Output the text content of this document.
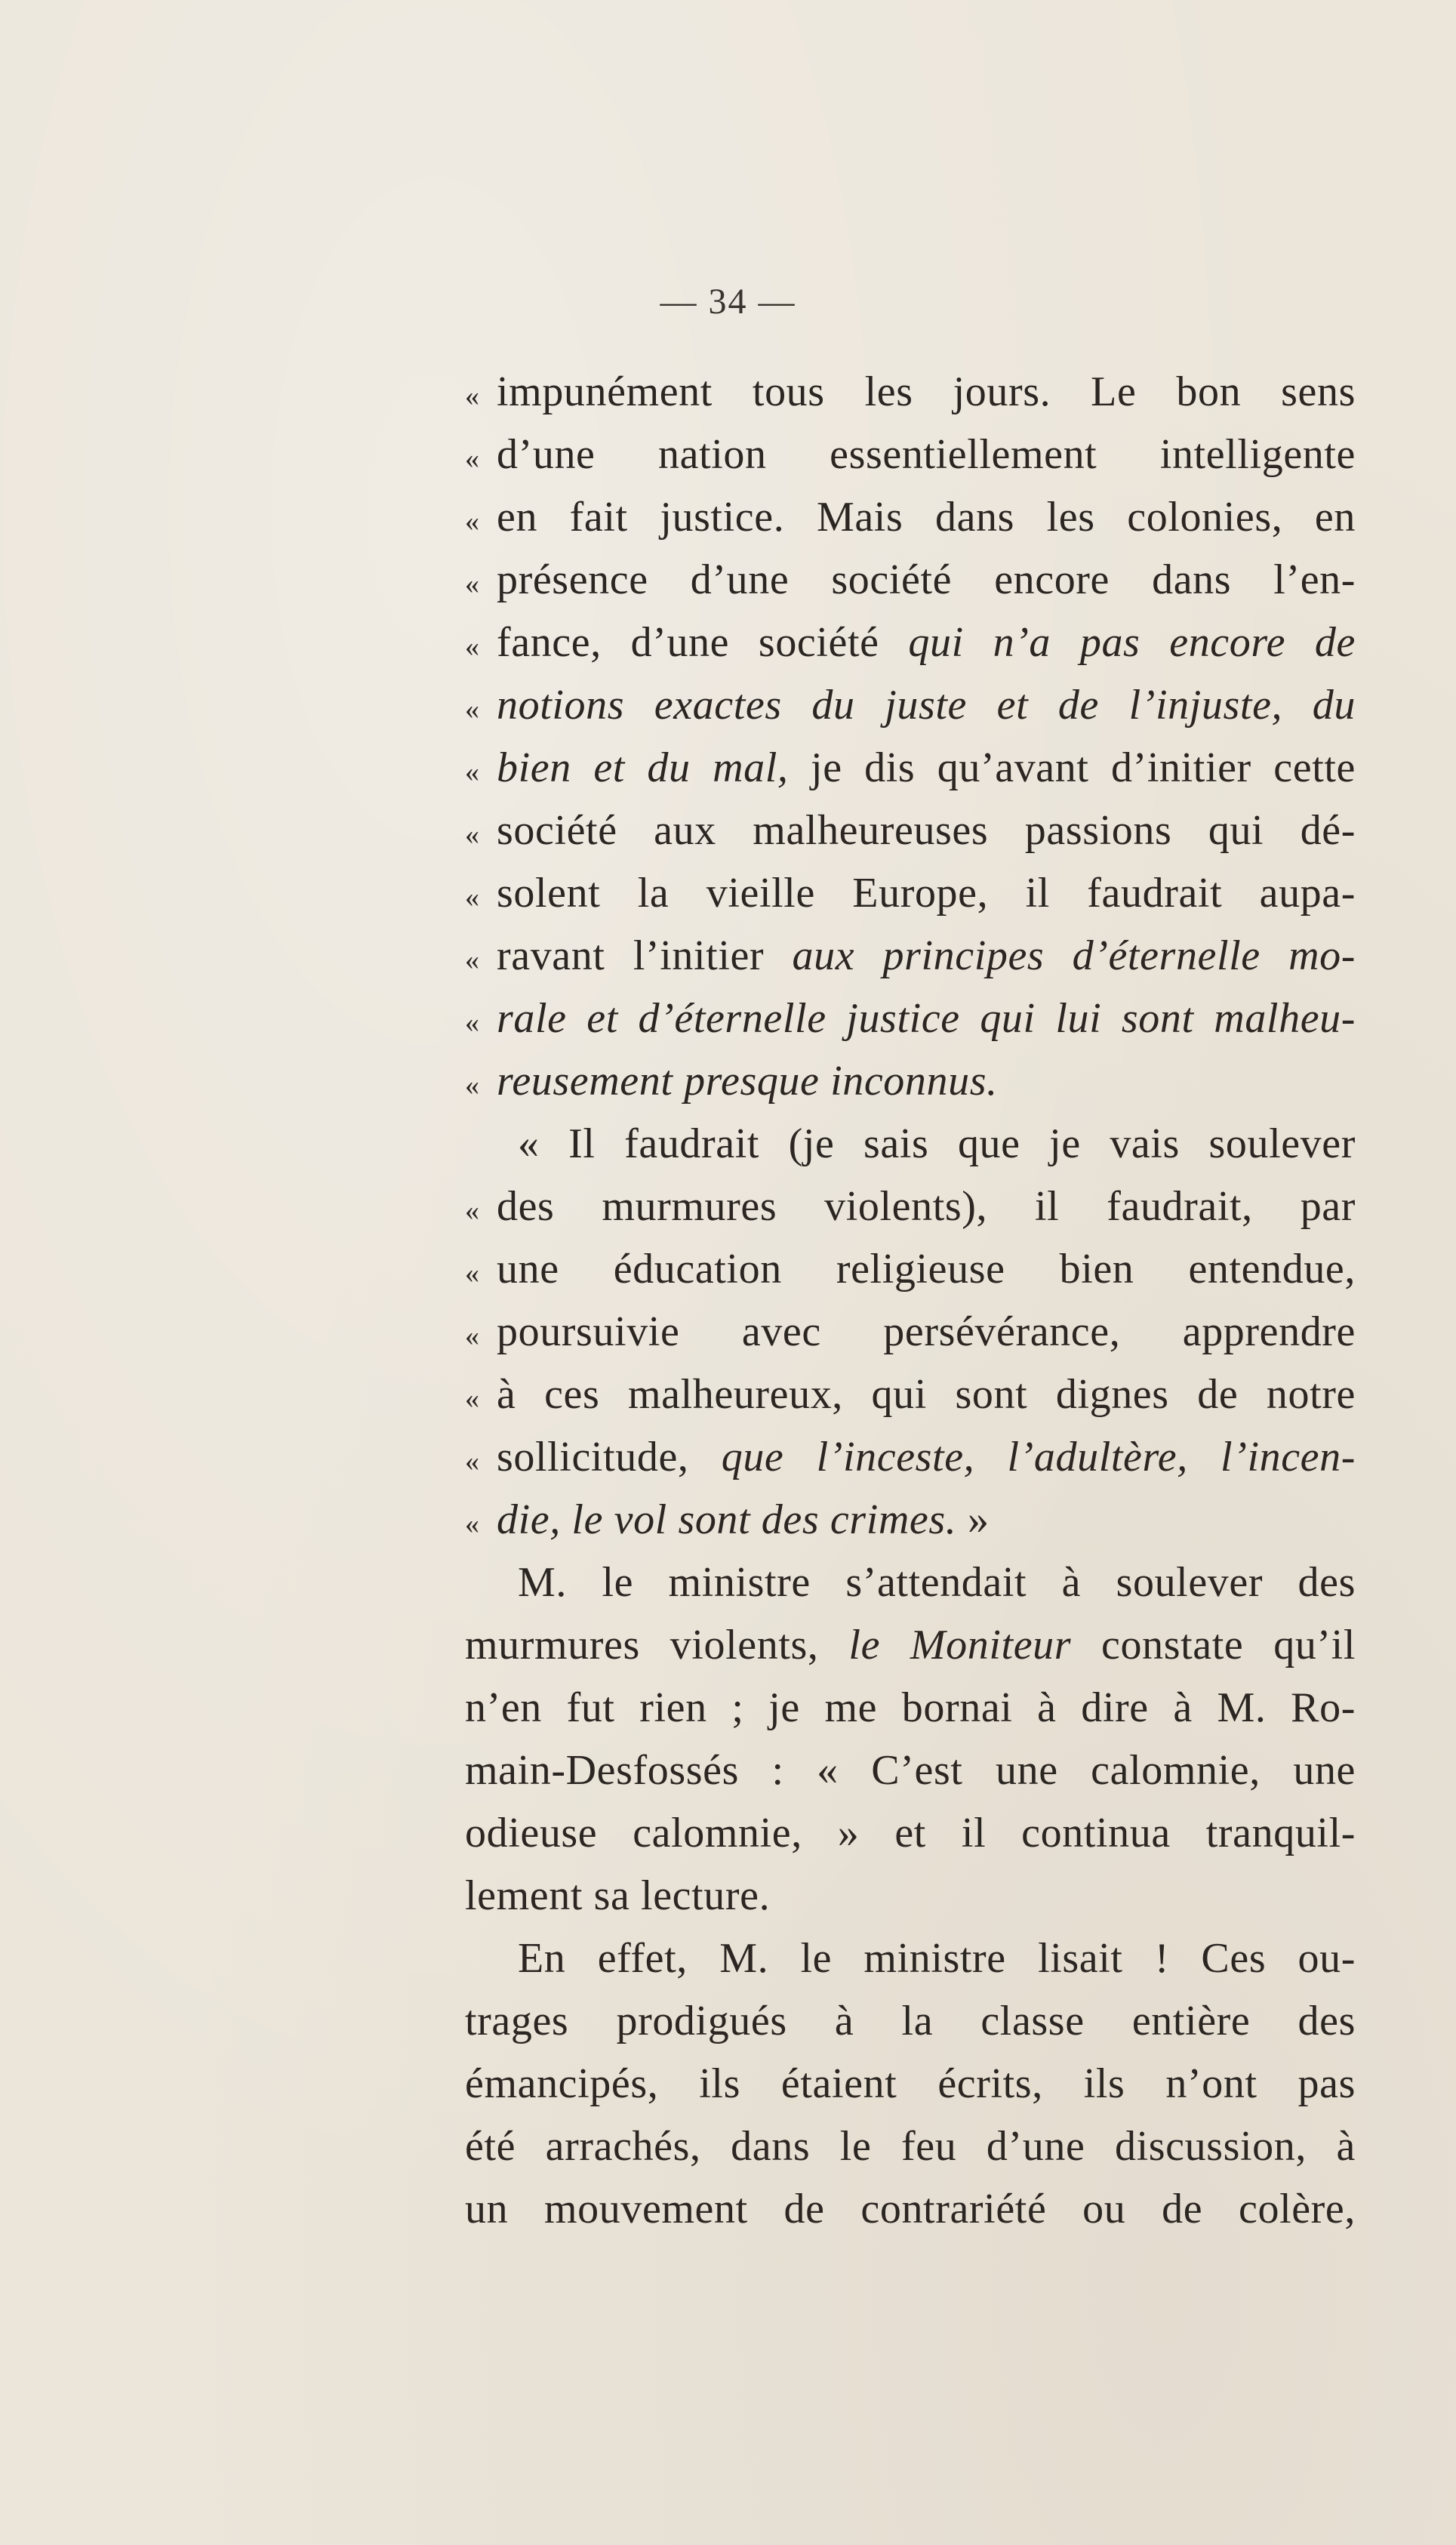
— 34 —
« impunément tous les jours. Le bon sens
« d’une nation essentiellement intelligente
« en fait justice. Mais dans les colonies, en
« présence d’une société encore dans l’en-
« fance, d’une société qui n’a pas encore de
« notions exactes du juste et de l’injuste, du
« bien et du mal, je dis qu’avant d’initier cette
« société aux malheureuses passions qui dé-
« solent la vieille Europe, il faudrait aupa-
« ravant l’initier aux principes d’éternelle mo-
« rale et d’éternelle justice qui lui sont malheu-
« reusement presque inconnus.
« Il faudrait (je sais que je vais soulever
« des murmures violents), il faudrait, par
« une éducation religieuse bien entendue,
« poursuivie avec persévérance, apprendre
« à ces malheureux, qui sont dignes de notre
« sollicitude, que l’inceste, l’adultère, l’incen-
« die, le vol sont des crimes. »
M. le ministre s’attendait à soulever des
murmures violents, le Moniteur constate qu’il
n’en fut rien ; je me bornai à dire à M. Ro-
main-Desfossés : « C’est une calomnie, une
odieuse calomnie, » et il continua tranquil-
lement sa lecture.
En effet, M. le ministre lisait ! Ces ou-
trages prodigués à la classe entière des
émancipés, ils étaient écrits, ils n’ont pas
été arrachés, dans le feu d’une discussion, à
un mouvement de contrariété ou de colère,
